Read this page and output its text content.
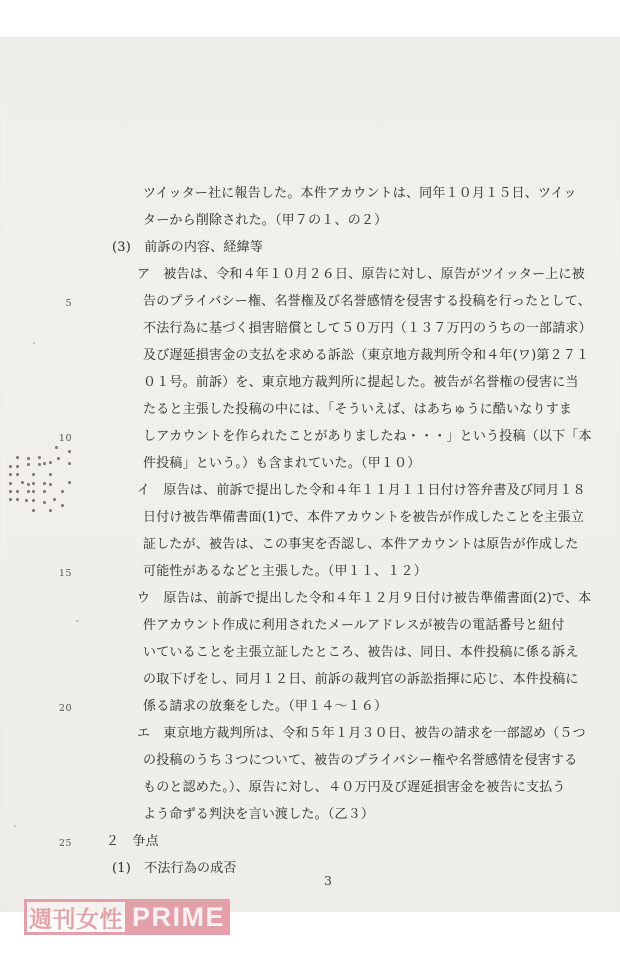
ツイッター社に報告した。本件アカウントは、同年１０月１５日、ツイッ
ターから削除された。（甲７の１、の２）
(3)　前訴の内容、経緯等
ア　被告は、令和４年１０月２６日、原告に対し、原告がツイッター上に被
告のプライバシー権、名誉権及び名誉感情を侵害する投稿を行ったとして、
不法行為に基づく損害賠償として５０万円（１３７万円のうちの一部請求）
及び遅延損害金の支払を求める訴訟（東京地方裁判所令和４年(ワ)第２７１
０１号。前訴）を、東京地方裁判所に提起した。被告が名誉権の侵害に当
たると主張した投稿の中には、「そういえば、はあちゅうに酷いなりすま
しアカウントを作られたことがありましたね・・・」という投稿（以下「本
件投稿」という。）も含まれていた。（甲１０）
イ　原告は、前訴で提出した令和４年１１月１１日付け答弁書及び同月１８
日付け被告準備書面(1)で、本件アカウントを被告が作成したことを主張立
証したが、被告は、この事実を否認し、本件アカウントは原告が作成した
可能性があるなどと主張した。（甲１１、１２）
ウ　原告は、前訴で提出した令和４年１２月９日付け被告準備書面(2)で、本
件アカウント作成に利用されたメールアドレスが被告の電話番号と紐付
いていることを主張立証したところ、被告は、同日、本件投稿に係る訴え
の取下げをし、同月１２日、前訴の裁判官の訴訟指揮に応じ、本件投稿に
係る請求の放棄をした。（甲１４～１６）
エ　東京地方裁判所は、令和５年１月３０日、被告の請求を一部認め（５つ
の投稿のうち３つについて、被告のプライバシー権や名誉感情を侵害する
ものと認めた。）、原告に対し、４０万円及び遅延損害金を被告に支払う
よう命ずる判決を言い渡した。（乙３）
２　争点
(1)　不法行為の成否
5
10
15
20
25
3
週刊女性 PRIME
